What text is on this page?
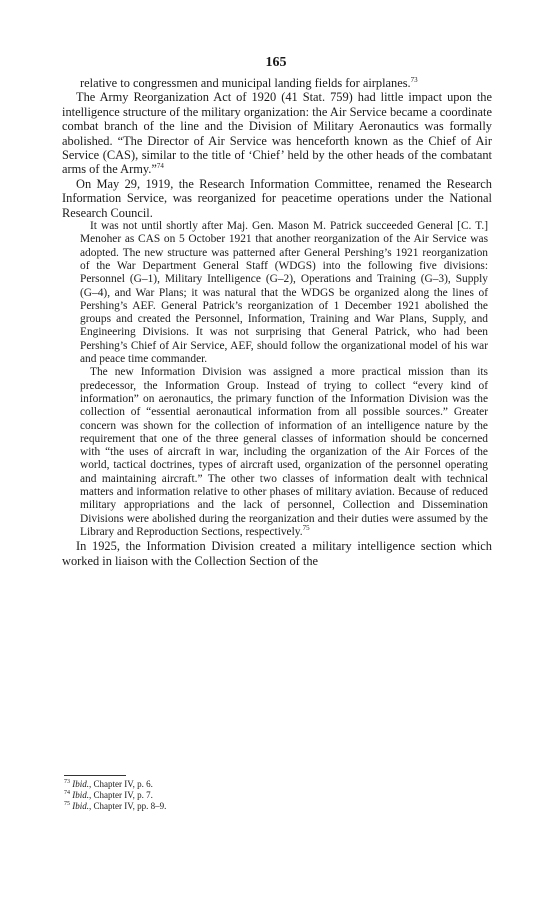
165

relative to congressmen and municipal landing fields for airplanes.$^{73}$

The Army Reorganization Act of 1920 (41 Stat. 759) had little impact upon the intelligence structure of the military organization: the Air Service became a coordinate combat branch of the line and the Division of Military Aeronautics was formally abolished. “The Director of Air Service was henceforth known as the Chief of Air Service (CAS), similar to the title of ‘Chief’ held by the other heads of the combatant arms of the Army.”$^{74}$

On May 29, 1919, the Research Information Committee, renamed the Research Information Service, was reorganized for peacetime operations under the National Research Council.

It was not until shortly after Maj. Gen. Mason M. Patrick succeeded General [C. T.] Menoher as CAS on 5 October 1921 that another reorganization of the Air Service was adopted. The new structure was patterned after General Pershing’s 1921 reorganization of the War Department General Staff (WDGS) into the following five divisions: Personnel (G–1), Military Intelligence (G–2), Operations and Training (G–3), Supply (G–4), and War Plans; it was natural that the WDGS be organized along the lines of Pershing’s AEF. General Patrick’s reorganization of 1 December 1921 abolished the groups and created the Personnel, Information, Training and War Plans, Supply, and Engineering Divisions. It was not surprising that General Patrick, who had been Pershing’s Chief of Air Service, AEF, should follow the organizational model of his war and peace time commander.

The new Information Division was assigned a more practical mission than its predecessor, the Information Group. Instead of trying to collect “every kind of information” on aeronautics, the primary function of the Information Division was the collection of “essential aeronautical information from all possible sources.” Greater concern was shown for the collection of information of an intelligence nature by the requirement that one of the three general classes of information should be concerned with “the uses of aircraft in war, including the organization of the Air Forces of the world, tactical doctrines, types of aircraft used, organization of the personnel operating and maintaining aircraft.” The other two classes of information dealt with technical matters and information relative to other phases of military aviation. Because of reduced military appropriations and the lack of personnel, Collection and Dissemination Divisions were abolished during the reorganization and their duties were assumed by the Library and Reproduction Sections, respectively.$^{75}$

In 1925, the Information Division created a military intelligence section which worked in liaison with the Collection Section of the

$^{73}$ Ibid., Chapter IV, p. 6.
$^{74}$ Ibid., Chapter IV, p. 7.
$^{75}$ Ibid., Chapter IV, pp. 8–9.
